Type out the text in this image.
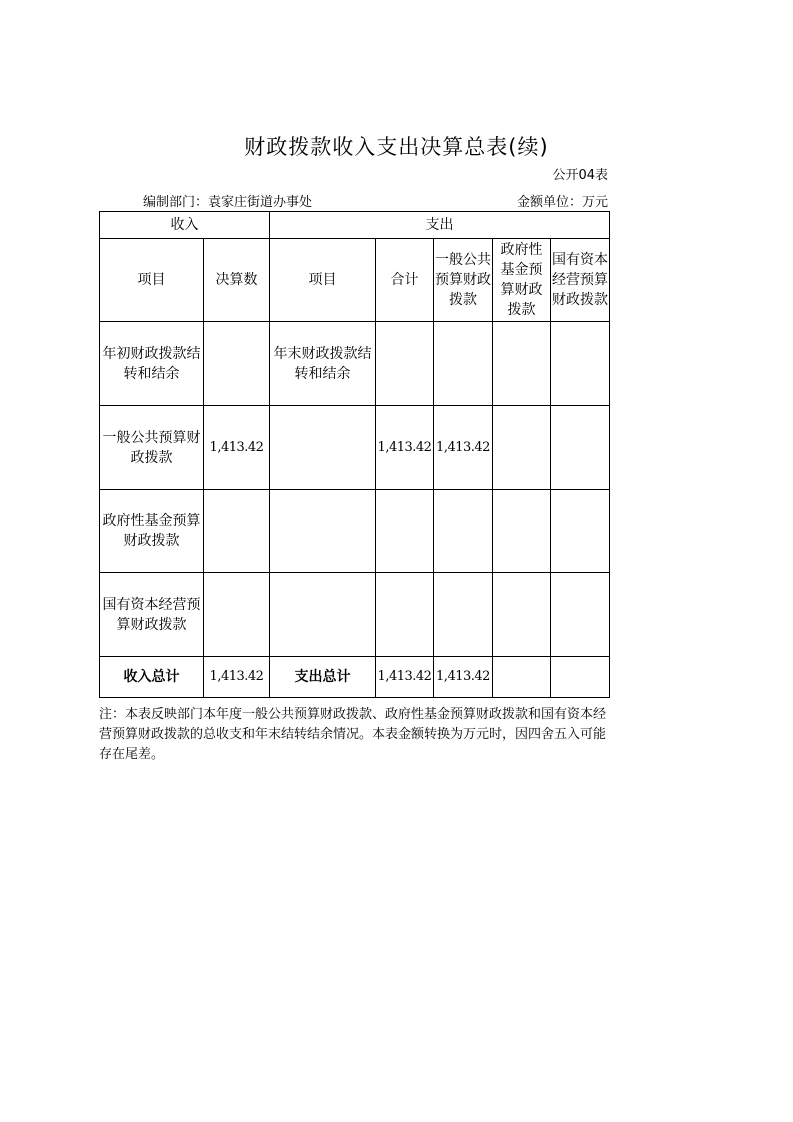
财政拨款收入支出决算总表(续)
公开04表
编制部门：袁家庄街道办事处	金额单位：万元
收入		支出				
项目	决算数	项目	合计	一般公共预算财政拨款	政府性基金预算财政拨款	国有资本经营预算财政拨款
年初财政拨款结转和结余		年末财政拨款结转和结余				
一般公共预算财政拨款	1,413.42		1,413.42	1,413.42		
政府性基金预算财政拨款						
国有资本经营预算财政拨款						
收入总计	1,413.42	支出总计	1,413.42	1,413.42		
注：本表反映部门本年度一般公共预算财政拨款、政府性基金预算财政拨款和国有资本经营预算财政拨款的总收支和年末结转结余情况。本表金额转换为万元时，因四舍五入可能存在尾差。
